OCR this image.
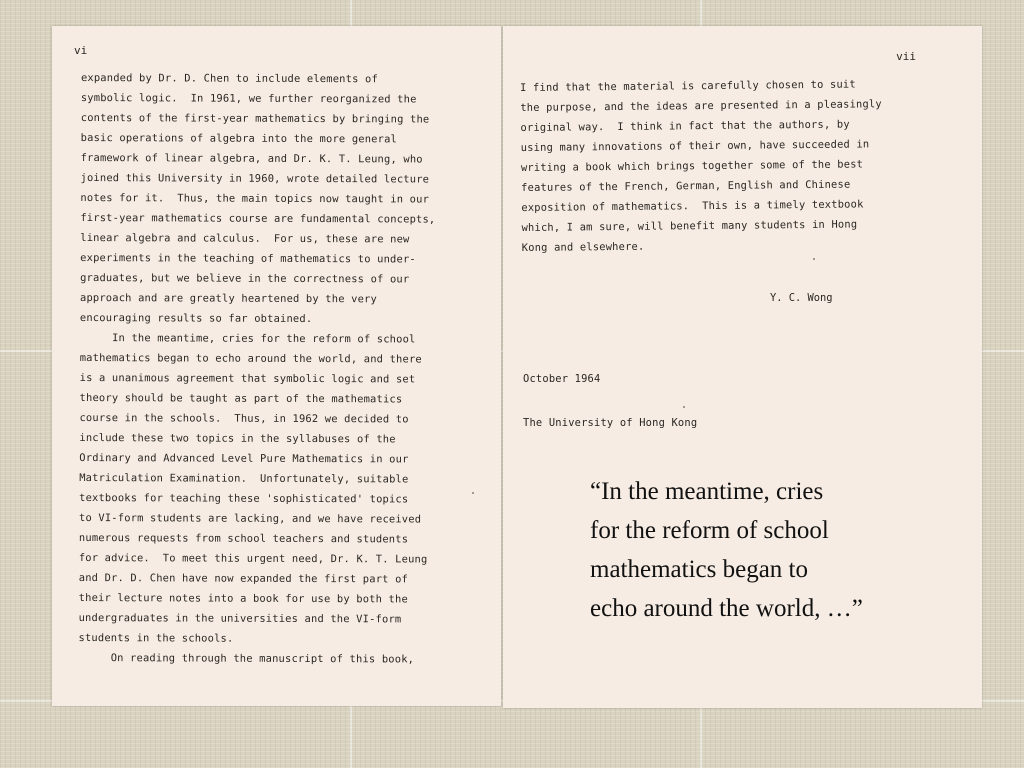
vi
expanded by Dr. D. Chen to include elements of
symbolic logic.  In 1961, we further reorganized the
contents of the first-year mathematics by bringing the
basic operations of algebra into the more general
framework of linear algebra, and Dr. K. T. Leung, who
joined this University in 1960, wrote detailed lecture
notes for it.  Thus, the main topics now taught in our
first-year mathematics course are fundamental concepts,
linear algebra and calculus.  For us, these are new
experiments in the teaching of mathematics to under-
graduates, but we believe in the correctness of our
approach and are greatly heartened by the very
encouraging results so far obtained.
In the meantime, cries for the reform of school
mathematics began to echo around the world, and there
is a unanimous agreement that symbolic logic and set
theory should be taught as part of the mathematics
course in the schools.  Thus, in 1962 we decided to
include these two topics in the syllabuses of the
Ordinary and Advanced Level Pure Mathematics in our
Matriculation Examination.  Unfortunately, suitable
textbooks for teaching these 'sophisticated' topics
to VI-form students are lacking, and we have received
numerous requests from school teachers and students
for advice.  To meet this urgent need, Dr. K. T. Leung
and Dr. D. Chen have now expanded the first part of
their lecture notes into a book for use by both the
undergraduates in the universities and the VI-form
students in the schools.
On reading through the manuscript of this book,
vii
I find that the material is carefully chosen to suit
the purpose, and the ideas are presented in a pleasingly
original way.  I think in fact that the authors, by
using many innovations of their own, have succeeded in
writing a book which brings together some of the best
features of the French, German, English and Chinese
exposition of mathematics.  This is a timely textbook
which, I am sure, will benefit many students in Hong
Kong and elsewhere.
Y. C. Wong

October 1964

The University of Hong Kong

“In the meantime, cries
for the reform of school
mathematics began to
echo around the world, …”
